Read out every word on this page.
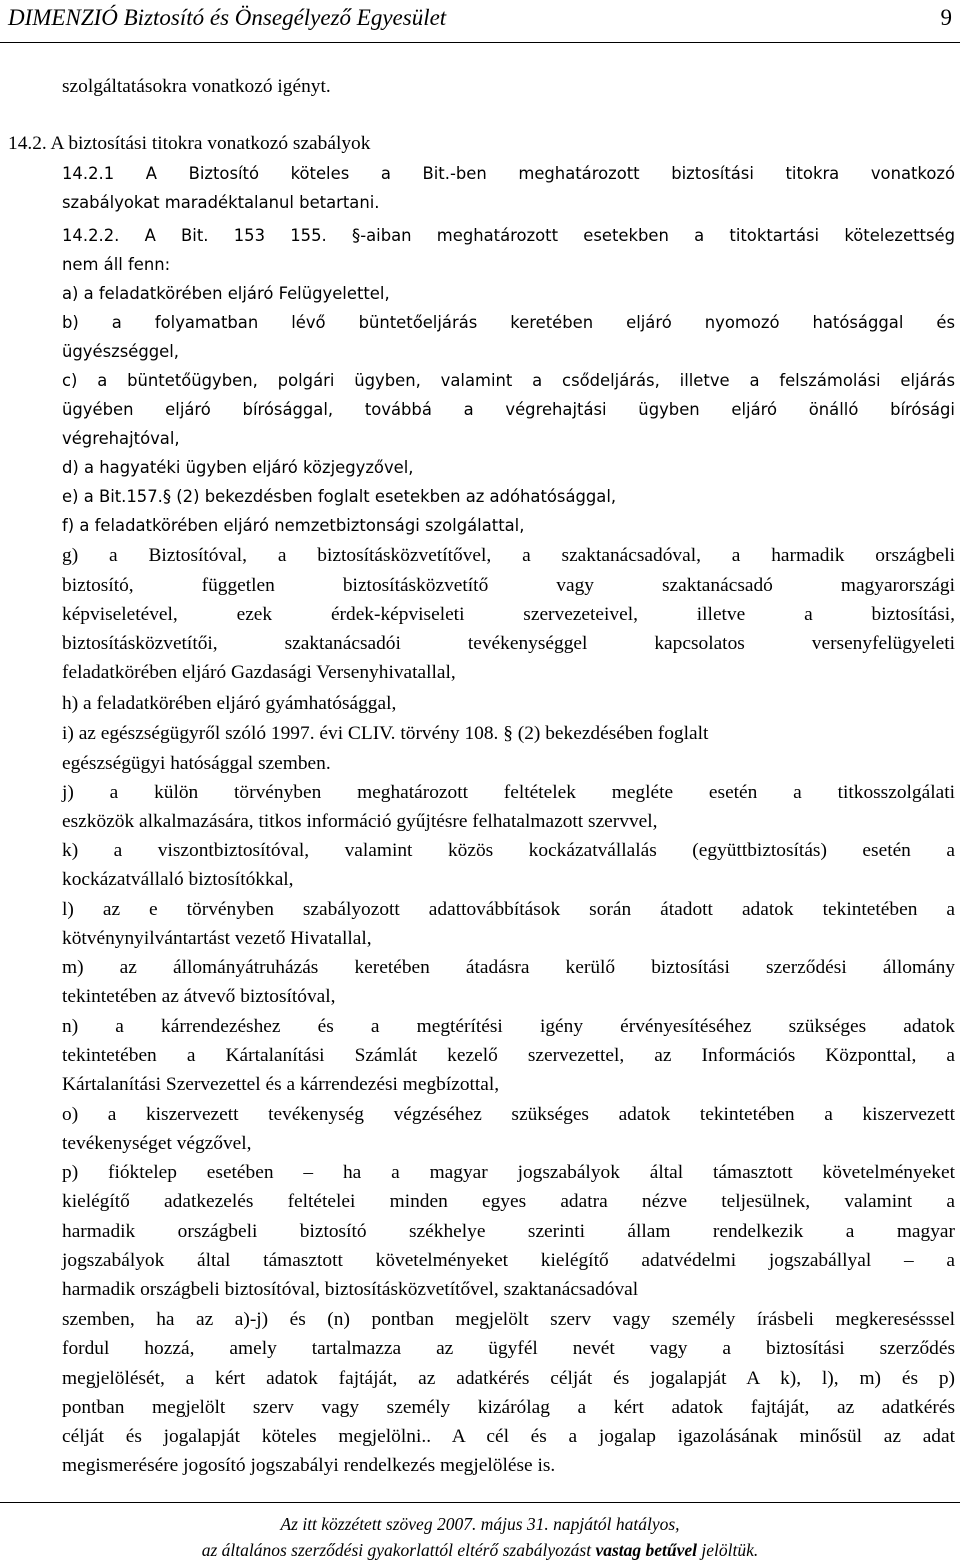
DIMENZIÓ Biztosító és Önsegélyező Egyesület	9
szolgáltatásokra vonatkozó igényt.
14.2. A biztosítási titokra vonatkozó szabályok
14.2.1 A Biztosító köteles a Bit.-ben meghatározott biztosítási titokra vonatkozó
szabályokat maradéktalanul betartani.
14.2.2. A Bit. 153 155. §-aiban meghatározott esetekben a titoktartási kötelezettség
nem áll fenn:
a) a feladatkörében eljáró Felügyelettel,
b) a folyamatban lévő büntetőeljárás keretében eljáró nyomozó hatósággal és
ügyészséggel,
c) a büntetőügyben, polgári ügyben, valamint a csődeljárás, illetve a felszámolási eljárás
ügyében eljáró bírósággal, továbbá a végrehajtási ügyben eljáró önálló bírósági
végrehajtóval,
d) a hagyatéki ügyben eljáró közjegyzővel,
e) a Bit.157.§ (2) bekezdésben foglalt esetekben az adóhatósággal,
f) a feladatkörében eljáró nemzetbiztonsági szolgálattal,
g) a Biztosítóval, a biztosításközvetítővel, a szaktanácsadóval, a harmadik országbeli
biztosító, független biztosításközvetítő vagy szaktanácsadó magyarországi
képviseletével, ezek érdek-képviseleti szervezeteivel, illetve a biztosítási,
biztosításközvetítői, szaktanácsadói tevékenységgel kapcsolatos versenyfelügyeleti
feladatkörében eljáró Gazdasági Versenyhivatallal,
h) a feladatkörében eljáró gyámhatósággal,
i) az egészségügyről szóló 1997. évi CLIV. törvény 108. § (2) bekezdésében foglalt
egészségügyi hatósággal szemben.
j) a külön törvényben meghatározott feltételek megléte esetén a titkosszolgálati
eszközök alkalmazására, titkos információ gyűjtésre felhatalmazott szervvel,
k) a viszontbiztosítóval, valamint közös kockázatvállalás (együttbiztosítás) esetén a
kockázatvállaló biztosítókkal,
l) az e törvényben szabályozott adattovábbítások során átadott adatok tekintetében a
kötvénynyilvántartást vezető Hivatallal,
m) az állományátruházás keretében átadásra kerülő biztosítási szerződési állomány
tekintetében az átvevő biztosítóval,
n) a kárrendezéshez és a megtérítési igény érvényesítéséhez szükséges adatok
tekintetében a Kártalanítási Számlát kezelő szervezettel, az Információs Központtal, a
Kártalanítási Szervezettel és a kárrendezési megbízottal,
o) a kiszervezett tevékenység végzéséhez szükséges adatok tekintetében a kiszervezett
tevékenységet végzővel,
p) fióktelep esetében – ha a magyar jogszabályok által támasztott követelményeket
kielégítő adatkezelés feltételei minden egyes adatra nézve teljesülnek, valamint a
harmadik országbeli biztosító székhelye szerinti állam rendelkezik a magyar
jogszabályok által támasztott követelményeket kielégítő adatvédelmi jogszabállyal – a
harmadik országbeli biztosítóval, biztosításközvetítővel, szaktanácsadóval
szemben, ha az a)-j) és (n) pontban megjelölt szerv vagy személy írásbeli megkeresésssel
fordul hozzá, amely tartalmazza az ügyfél nevét vagy a biztosítási szerződés
megjelölését, a kért adatok fajtáját, az adatkérés célját és jogalapját A k), l), m) és p)
pontban megjelölt szerv vagy személy kizárólag a kért adatok fajtáját, az adatkérés
célját és jogalapját köteles megjelölni.. A cél és a jogalap igazolásának minősül az adat
megismerésére jogosító jogszabályi rendelkezés megjelölése is.
Az itt közzétett szöveg 2007. május 31. napjától hatályos,
az általános szerződési gyakorlattól eltérő szabályozást vastag betűvel jelöltük.
